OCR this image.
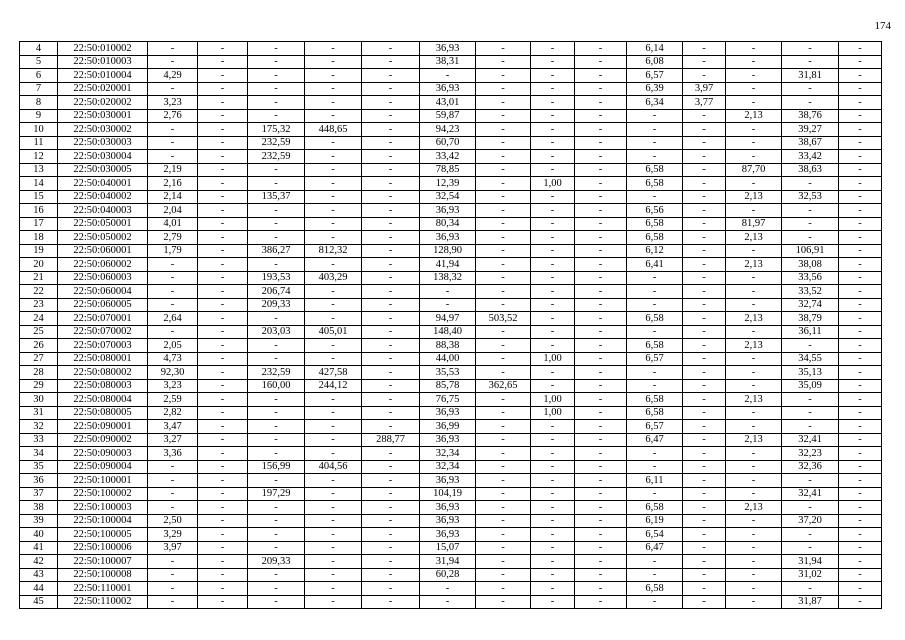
174
4	22:50:010002	-	-	-	-	-	36,93	-	-	-	6,14	-	-	-	-
5	22:50:010003	-	-	-	-	-	38,31	-	-	-	6,08	-	-	-	-
6	22:50:010004	4,29	-	-	-	-	-	-	-	-	6,57	-	-	31,81	-
7	22:50:020001	-	-	-	-	-	36,93	-	-	-	6,39	3,97	-	-	-
8	22:50:020002	3,23	-	-	-	-	43,01	-	-	-	6,34	3,77	-	-	-
9	22:50:030001	2,76	-	-	-	-	59,87	-	-	-	-	-	2,13	38,76	-
10	22:50:030002	-	-	175,32	448,65	-	94,23	-	-	-	-	-	-	39,27	-
11	22:50:030003	-	-	232,59	-	-	60,70	-	-	-	-	-	-	38,67	-
12	22:50:030004	-	-	232,59	-	-	33,42	-	-	-	-	-	-	33,42	-
13	22:50:030005	2,19	-	-	-	-	78,85	-	-	-	6,58	-	87,70	38,63	-
14	22:50:040001	2,16	-	-	-	-	12,39	-	1,00	-	6,58	-	-	-	-
15	22:50:040002	2,14	-	135,37	-	-	32,54	-	-	-	-	-	2,13	32,53	-
16	22:50:040003	2,04	-	-	-	-	36,93	-	-	-	6,56	-	-	-	-
17	22:50:050001	4,01	-	-	-	-	80,34	-	-	-	6,58	-	81,97	-	-
18	22:50:050002	2,79	-	-	-	-	36,93	-	-	-	6,58	-	2,13	-	-
19	22:50:060001	1,79	-	386,27	812,32	-	128,90	-	-	-	6,12	-	-	106,91	-
20	22:50:060002	-	-	-	-	-	41,94	-	-	-	6,41	-	2,13	38,08	-
21	22:50:060003	-	-	193,53	403,29	-	138,32	-	-	-	-	-	-	33,56	-
22	22:50:060004	-	-	206,74	-	-	-	-	-	-	-	-	-	33,52	-
23	22:50:060005	-	-	209,33	-	-	-	-	-	-	-	-	-	32,74	-
24	22:50:070001	2,64	-	-	-	-	94,97	503,52	-	-	6,58	-	2,13	38,79	-
25	22:50:070002	-	-	203,03	405,01	-	148,40	-	-	-	-	-	-	36,11	-
26	22:50:070003	2,05	-	-	-	-	88,38	-	-	-	6,58	-	2,13	-	-
27	22:50:080001	4,73	-	-	-	-	44,00	-	1,00	-	6,57	-	-	34,55	-
28	22:50:080002	92,30	-	232,59	427,58	-	35,53	-	-	-	-	-	-	35,13	-
29	22:50:080003	3,23	-	160,00	244,12	-	85,78	362,65	-	-	-	-	-	35,09	-
30	22:50:080004	2,59	-	-	-	-	76,75	-	1,00	-	6,58	-	2,13	-	-
31	22:50:080005	2,82	-	-	-	-	36,93	-	1,00	-	6,58	-	-	-	-
32	22:50:090001	3,47	-	-	-	-	36,99	-	-	-	6,57	-	-	-	-
33	22:50:090002	3,27	-	-	-	288,77	36,93	-	-	-	6,47	-	2,13	32,41	-
34	22:50:090003	3,36	-	-	-	-	32,34	-	-	-	-	-	-	32,23	-
35	22:50:090004	-	-	156,99	404,56	-	32,34	-	-	-	-	-	-	32,36	-
36	22:50:100001	-	-	-	-	-	36,93	-	-	-	6,11	-	-	-	-
37	22:50:100002	-	-	197,29	-	-	104,19	-	-	-	-	-	-	32,41	-
38	22:50:100003	-	-	-	-	-	36,93	-	-	-	6,58	-	2,13	-	-
39	22:50:100004	2,50	-	-	-	-	36,93	-	-	-	6,19	-	-	37,20	-
40	22:50:100005	3,29	-	-	-	-	36,93	-	-	-	6,54	-	-	-	-
41	22:50:100006	3,97	-	-	-	-	15,07	-	-	-	6,47	-	-	-	-
42	22:50:100007	-	-	209,33	-	-	31,94	-	-	-	-	-	-	31,94	-
43	22:50:100008	-	-	-	-	-	60,28	-	-	-	-	-	-	31,02	-
44	22:50:110001	-	-	-	-	-	-	-	-	-	6,58	-	-	-	-
45	22:50:110002	-	-	-	-	-	-	-	-	-	-	-	-	31,87	-
